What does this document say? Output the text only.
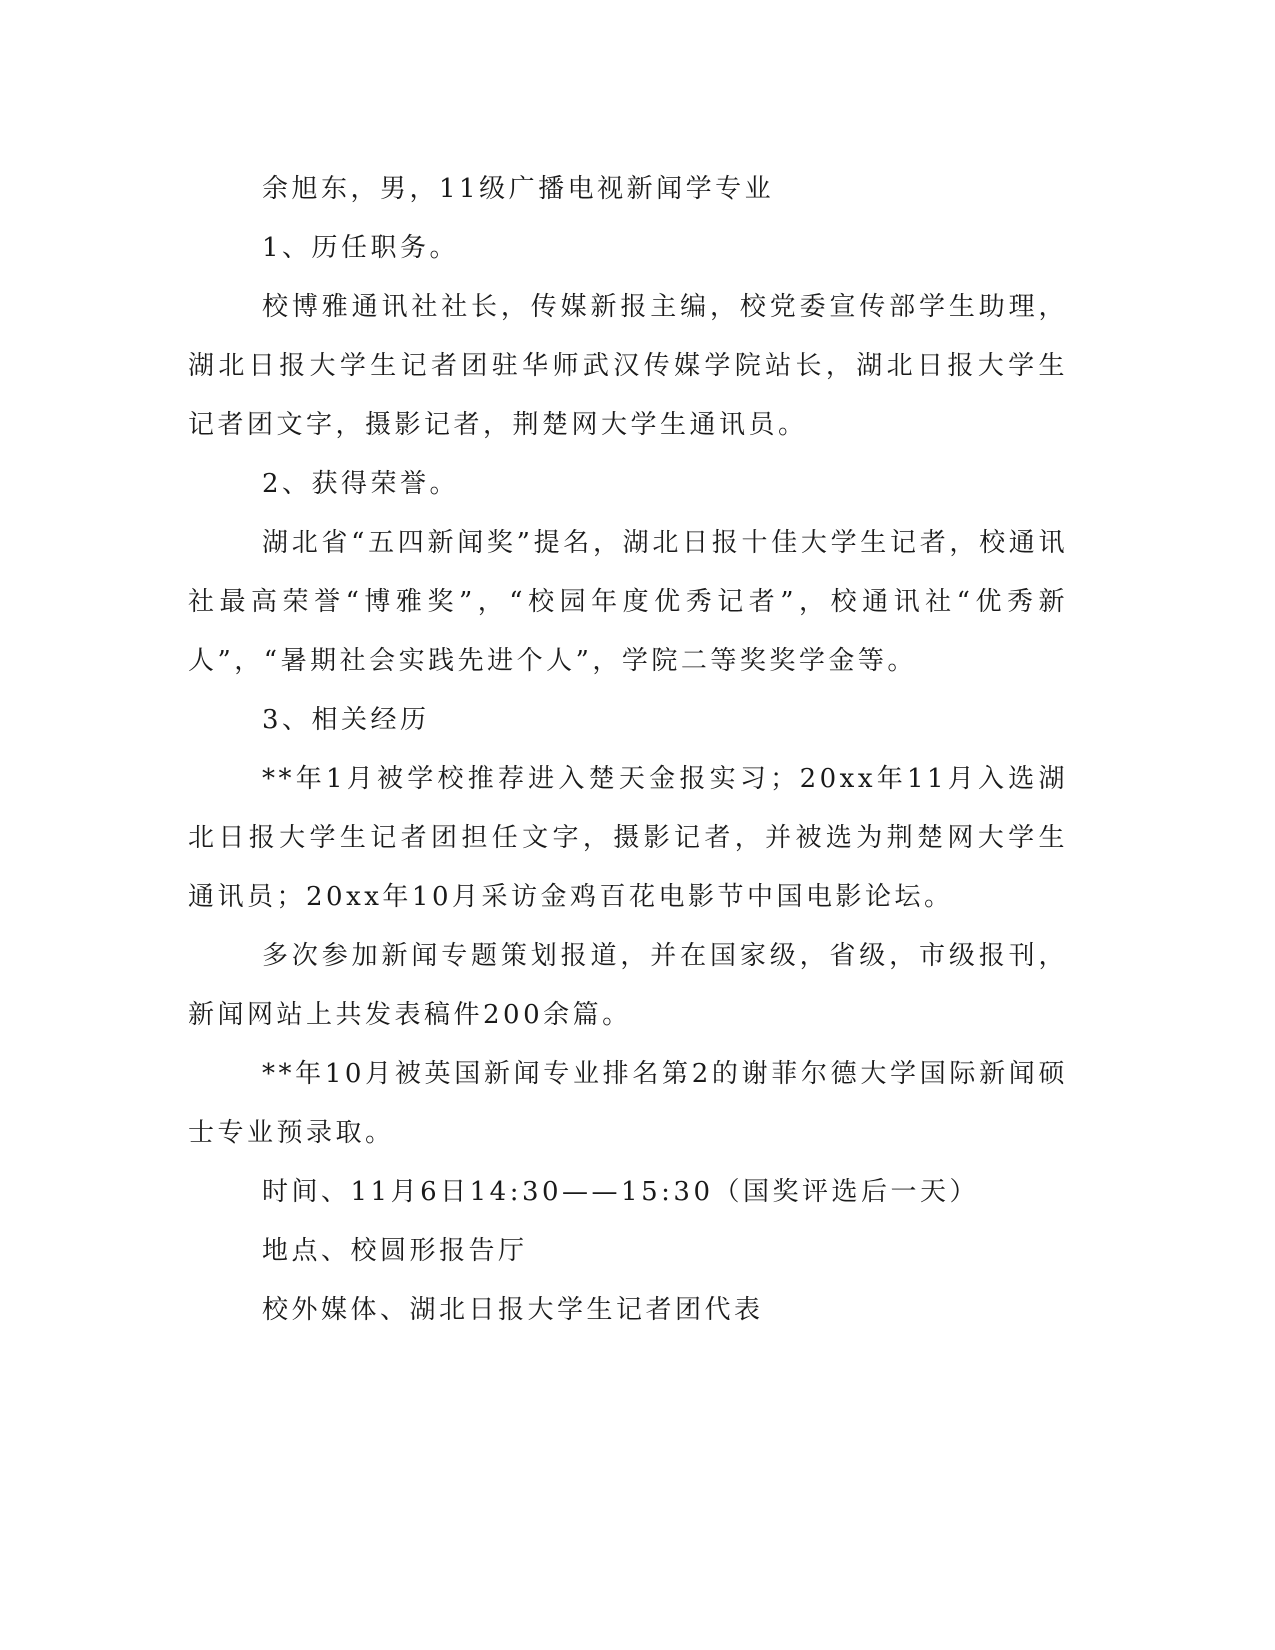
余旭东，男，11级广播电视新闻学专业

1、历任职务。

校博雅通讯社社长，传媒新报主编，校党委宣传部学生助理，湖北日报大学生记者团驻华师武汉传媒学院站长，湖北日报大学生记者团文字，摄影记者，荆楚网大学生通讯员。

2、获得荣誉。

湖北省“五四新闻奖”提名，湖北日报十佳大学生记者，校通讯社最高荣誉“博雅奖”，“校园年度优秀记者”，校通讯社“优秀新人”，“暑期社会实践先进个人”，学院二等奖奖学金等。

3、相关经历

**年1月被学校推荐进入楚天金报实习；20xx年11月入选湖北日报大学生记者团担任文字，摄影记者，并被选为荆楚网大学生通讯员；20xx年10月采访金鸡百花电影节中国电影论坛。

多次参加新闻专题策划报道，并在国家级，省级，市级报刊，新闻网站上共发表稿件200余篇。

**年10月被英国新闻专业排名第2的谢菲尔德大学国际新闻硕士专业预录取。

时间、11月6日14:30——15:30（国奖评选后一天）

地点、校圆形报告厅

校外媒体、湖北日报大学生记者团代表
